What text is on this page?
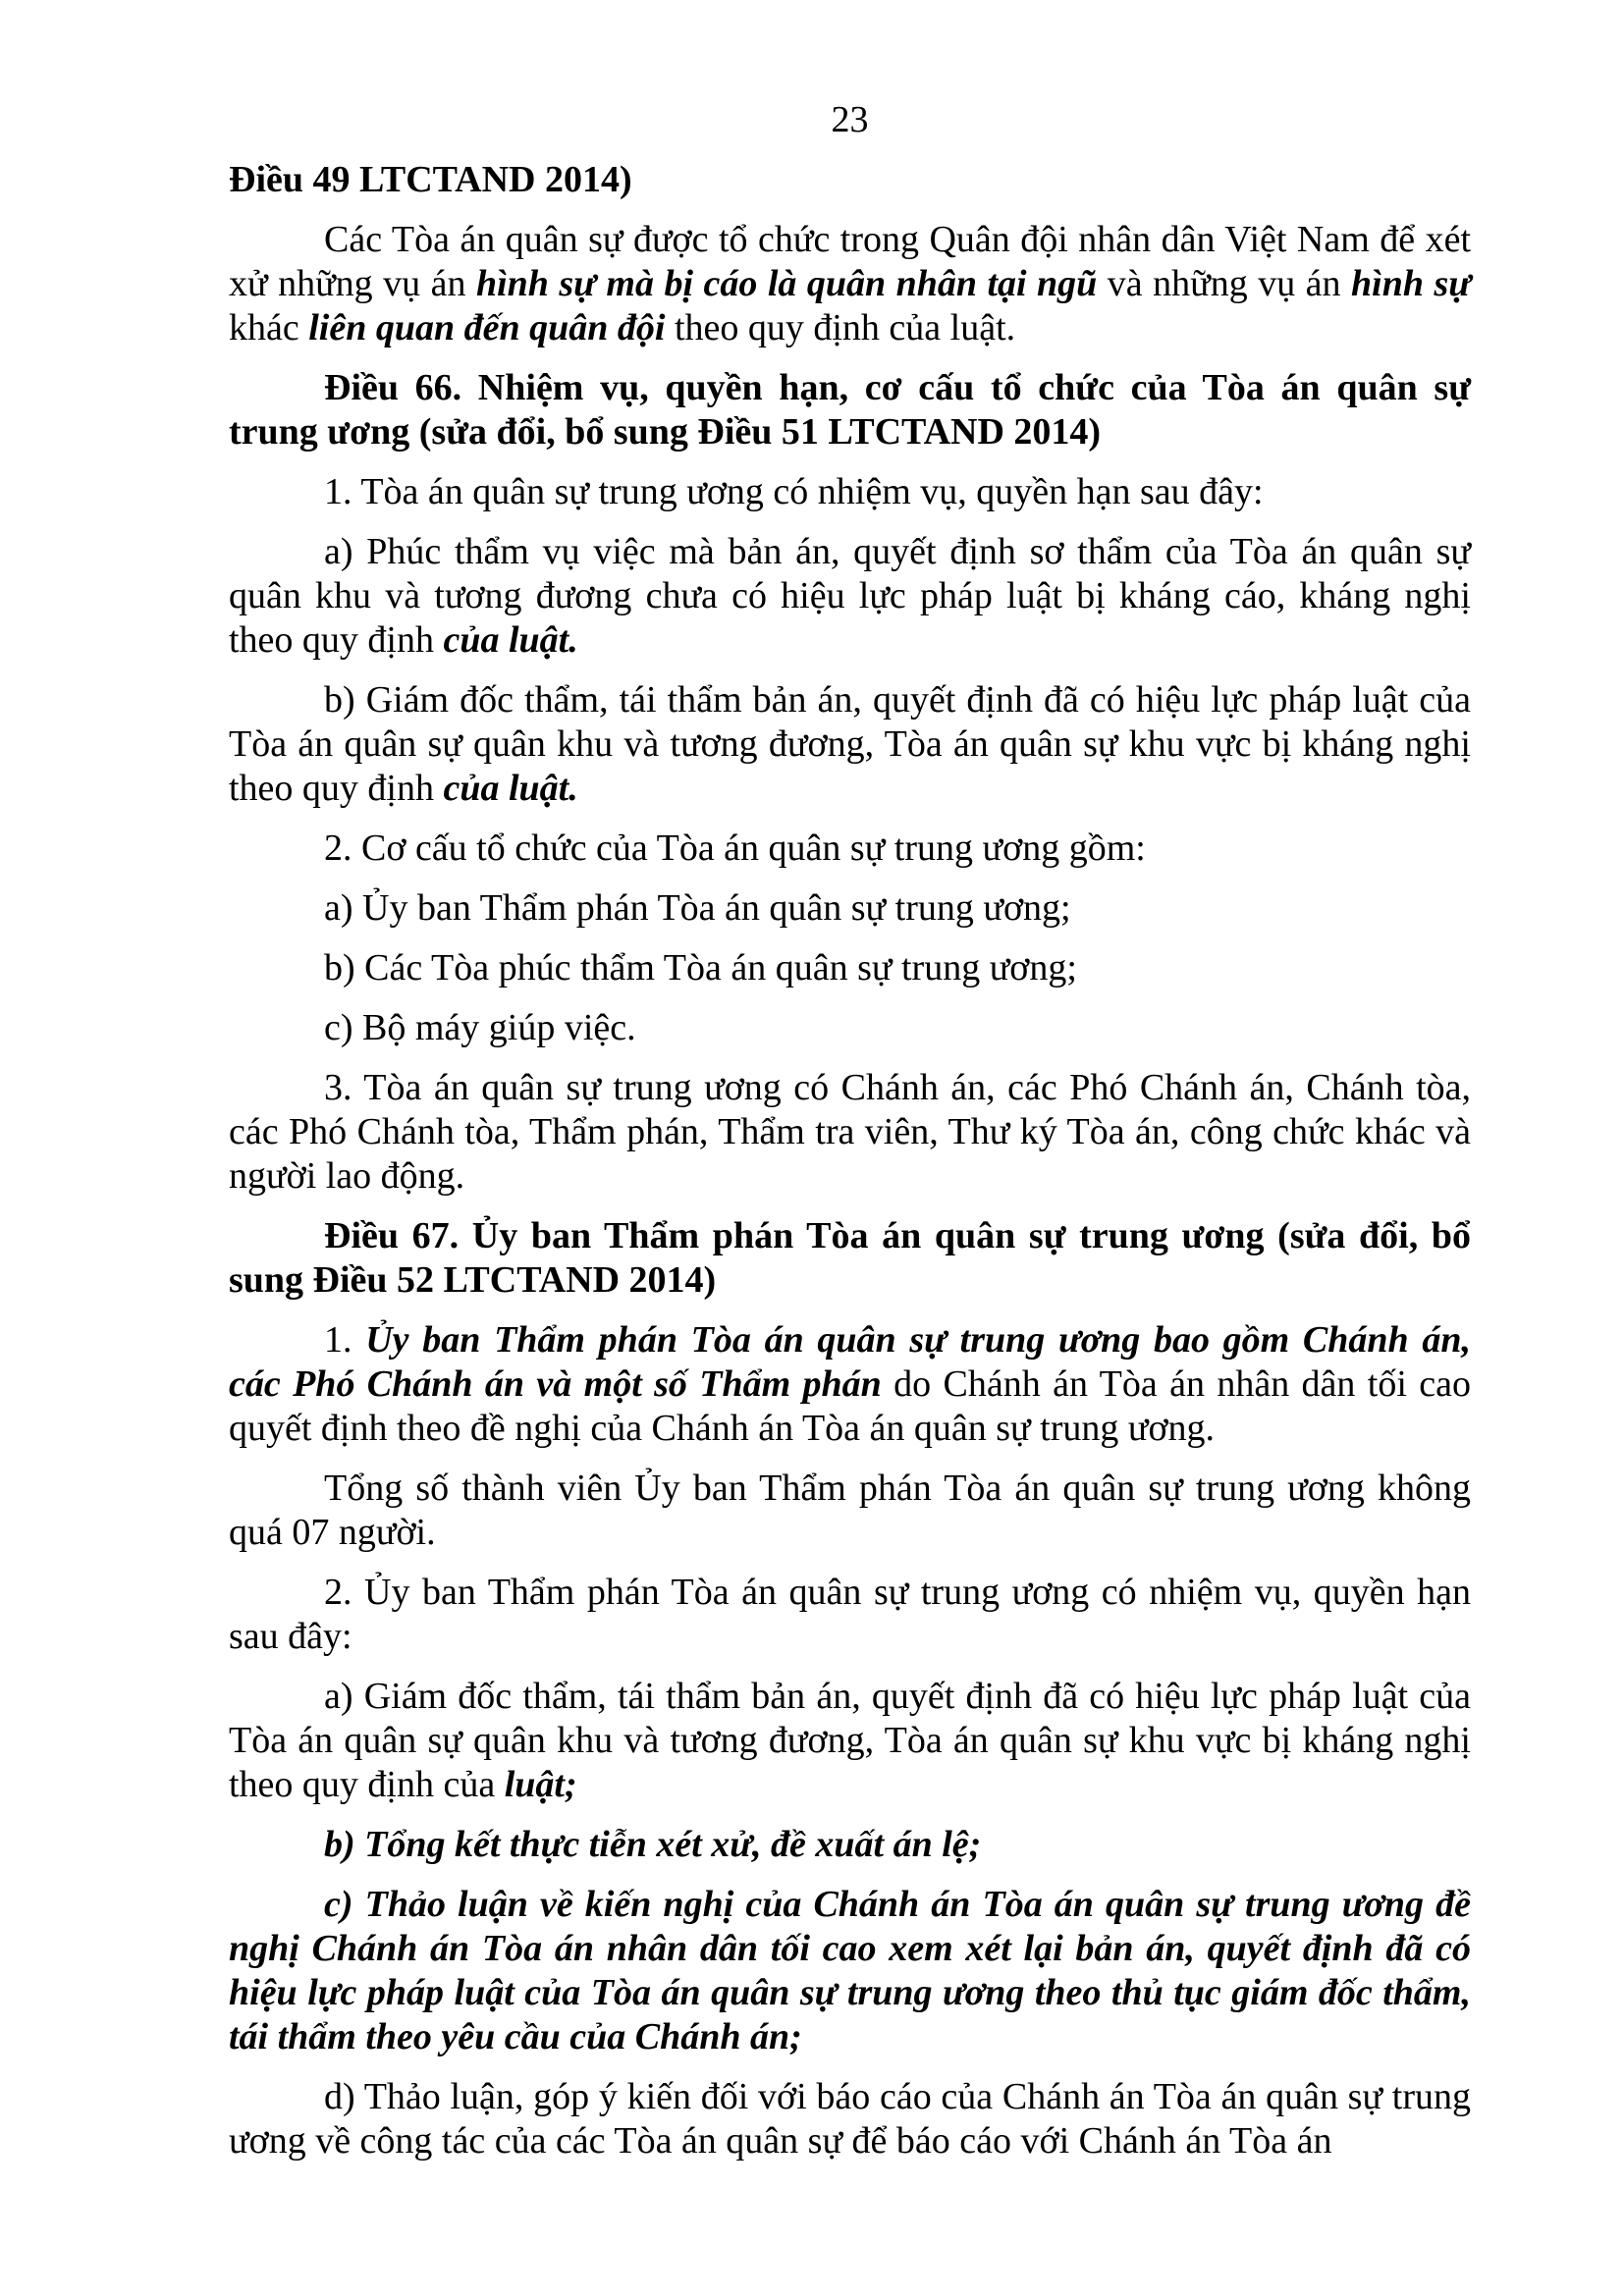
23

Điều 49 LTCTAND 2014)

Các Tòa án quân sự được tổ chức trong Quân đội nhân dân Việt Nam để xét xử những vụ án hình sự mà bị cáo là quân nhân tại ngũ và những vụ án hình sự khác liên quan đến quân đội theo quy định của luật.

Điều 66. Nhiệm vụ, quyền hạn, cơ cấu tổ chức của Tòa án quân sự trung ương (sửa đổi, bổ sung Điều 51 LTCTAND 2014)

1. Tòa án quân sự trung ương có nhiệm vụ, quyền hạn sau đây:

a) Phúc thẩm vụ việc mà bản án, quyết định sơ thẩm của Tòa án quân sự quân khu và tương đương chưa có hiệu lực pháp luật bị kháng cáo, kháng nghị theo quy định của luật.

b) Giám đốc thẩm, tái thẩm bản án, quyết định đã có hiệu lực pháp luật của Tòa án quân sự quân khu và tương đương, Tòa án quân sự khu vực bị kháng nghị theo quy định của luật.

2. Cơ cấu tổ chức của Tòa án quân sự trung ương gồm:

a) Ủy ban Thẩm phán Tòa án quân sự trung ương;

b) Các Tòa phúc thẩm Tòa án quân sự trung ương;

c) Bộ máy giúp việc.

3. Tòa án quân sự trung ương có Chánh án, các Phó Chánh án, Chánh tòa, các Phó Chánh tòa, Thẩm phán, Thẩm tra viên, Thư ký Tòa án, công chức khác và người lao động.

Điều 67. Ủy ban Thẩm phán Tòa án quân sự trung ương (sửa đổi, bổ sung Điều 52 LTCTAND 2014)

1. Ủy ban Thẩm phán Tòa án quân sự trung ương bao gồm Chánh án, các Phó Chánh án và một số Thẩm phán do Chánh án Tòa án nhân dân tối cao quyết định theo đề nghị của Chánh án Tòa án quân sự trung ương.

Tổng số thành viên Ủy ban Thẩm phán Tòa án quân sự trung ương không quá 07 người.

2. Ủy ban Thẩm phán Tòa án quân sự trung ương có nhiệm vụ, quyền hạn sau đây:

a) Giám đốc thẩm, tái thẩm bản án, quyết định đã có hiệu lực pháp luật của Tòa án quân sự quân khu và tương đương, Tòa án quân sự khu vực bị kháng nghị theo quy định của luật;

b) Tổng kết thực tiễn xét xử, đề xuất án lệ;

c) Thảo luận về kiến nghị của Chánh án Tòa án quân sự trung ương đề nghị Chánh án Tòa án nhân dân tối cao xem xét lại bản án, quyết định đã có hiệu lực pháp luật của Tòa án quân sự trung ương theo thủ tục giám đốc thẩm, tái thẩm theo yêu cầu của Chánh án;

d) Thảo luận, góp ý kiến đối với báo cáo của Chánh án Tòa án quân sự trung ương về công tác của các Tòa án quân sự để báo cáo với Chánh án Tòa án
